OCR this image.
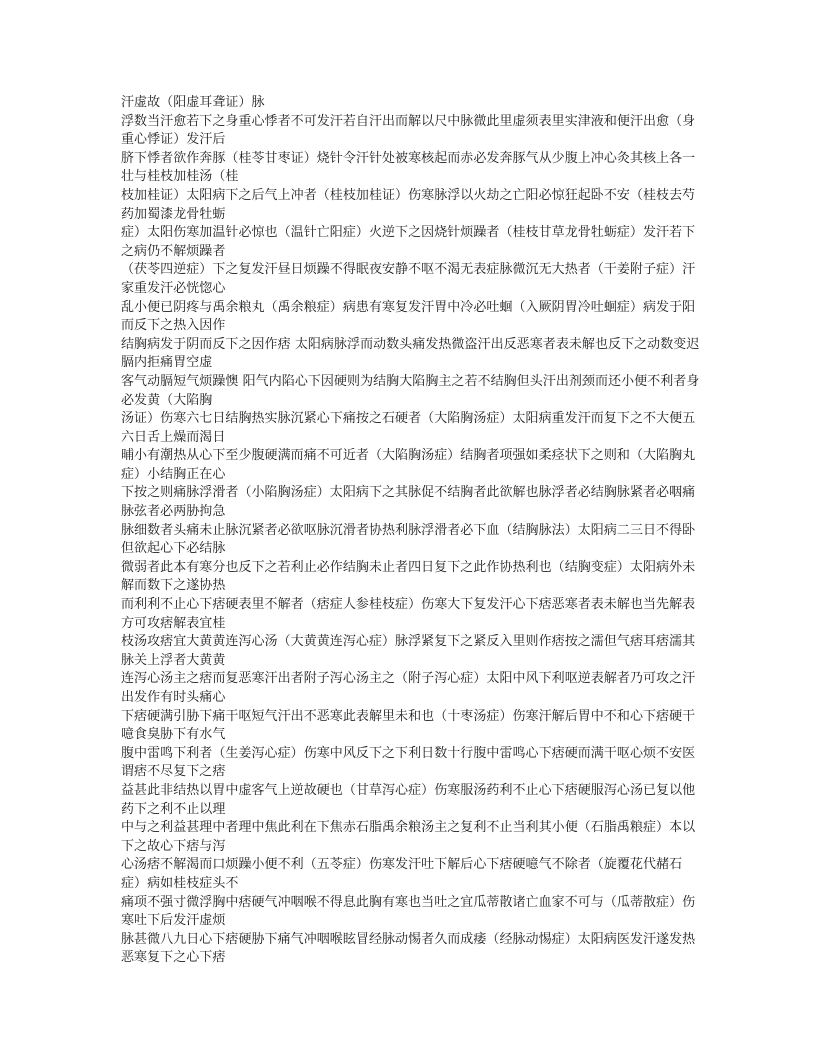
汗虚故（阳虚耳聋证）脉

浮数当汗愈若下之身重心悸者不可发汗若自汗出而解以尺中脉微此里虚须表里实津液和便汗出愈（身重心悸证）发汗后

脐下悸者欲作奔豚（桂苓甘枣证）烧针令汗针处被寒核起而赤必发奔豚气从少腹上冲心灸其核上各一壮与桂枝加桂汤（桂

枝加桂证）太阳病下之后气上冲者（桂枝加桂证）伤寒脉浮以火劫之亡阳必惊狂起卧不安（桂枝去芍药加蜀漆龙骨牡蛎

症）太阳伤寒加温针必惊也（温针亡阳症）火逆下之因烧针烦躁者（桂枝甘草龙骨牡蛎症）发汗若下之病仍不解烦躁者

（茯苓四逆症）下之复发汗昼日烦躁不得眠夜安静不呕不渴无表症脉微沉无大热者（干姜附子症）汗家重发汗必恍惚心

乱小便已阴疼与禹余粮丸（禹余粮症）病患有寒复发汗胃中冷必吐蛔（入厥阴胃冷吐蛔症）病发于阳而反下之热入因作

结胸病发于阴而反下之因作痞 太阳病脉浮而动数头痛发热微盗汗出反恶寒者表未解也反下之动数变迟膈内拒痛胃空虚

客气动膈短气烦躁懊 阳气内陷心下因硬则为结胸大陷胸主之若不结胸但头汗出剂颈而还小便不利者身必发黄（大陷胸

汤证）伤寒六七日结胸热实脉沉紧心下痛按之石硬者（大陷胸汤症）太阳病重发汗而复下之不大便五六日舌上燥而渴日

晡小有潮热从心下至少腹硬满而痛不可近者（大陷胸汤症）结胸者项强如柔痉状下之则和（大陷胸丸症）小结胸正在心

下按之则痛脉浮滑者（小陷胸汤症）太阳病下之其脉促不结胸者此欲解也脉浮者必结胸脉紧者必咽痛脉弦者必两胁拘急

脉细数者头痛未止脉沉紧者必欲呕脉沉滑者协热利脉浮滑者必下血（结胸脉法）太阳病二三日不得卧但欲起心下必结脉

微弱者此本有寒分也反下之若利止必作结胸未止者四日复下之此作协热利也（结胸变症）太阳病外未解而数下之遂协热

而利利不止心下痞硬表里不解者（痞症人参桂枝症）伤寒大下复发汗心下痞恶寒者表未解也当先解表方可攻痞解表宜桂

枝汤攻痞宜大黄黄连泻心汤（大黄黄连泻心症）脉浮紧复下之紧反入里则作痞按之濡但气痞耳痞濡其脉关上浮者大黄黄

连泻心汤主之痞而复恶寒汗出者附子泻心汤主之（附子泻心症）太阳中风下利呕逆表解者乃可攻之汗出发作有时头痛心

下痞硬满引胁下痛干呕短气汗出不恶寒此表解里未和也（十枣汤症）伤寒汗解后胃中不和心下痞硬干噫食臭胁下有水气

腹中雷鸣下利者（生姜泻心症）伤寒中风反下之下利日数十行腹中雷鸣心下痞硬而满干呕心烦不安医谓痞不尽复下之痞

益甚此非结热以胃中虚客气上逆故硬也（甘草泻心症）伤寒服汤药利不止心下痞硬服泻心汤已复以他药下之利不止以理

中与之利益甚理中者理中焦此利在下焦赤石脂禹余粮汤主之复利不止当利其小便（石脂禹粮症）本以下之故心下痞与泻

心汤痞不解渴而口烦躁小便不利（五苓症）伤寒发汗吐下解后心下痞硬噫气不除者（旋覆花代赭石症）病如桂枝症头不

痛项不强寸微浮胸中痞硬气冲咽喉不得息此胸有寒也当吐之宜瓜蒂散诸亡血家不可与（瓜蒂散症）伤寒吐下后发汗虚烦

脉甚微八九日心下痞硬胁下痛气冲咽喉眩冒经脉动惕者久而成痿（经脉动惕症）太阳病医发汗遂发热恶寒复下之心下痞
